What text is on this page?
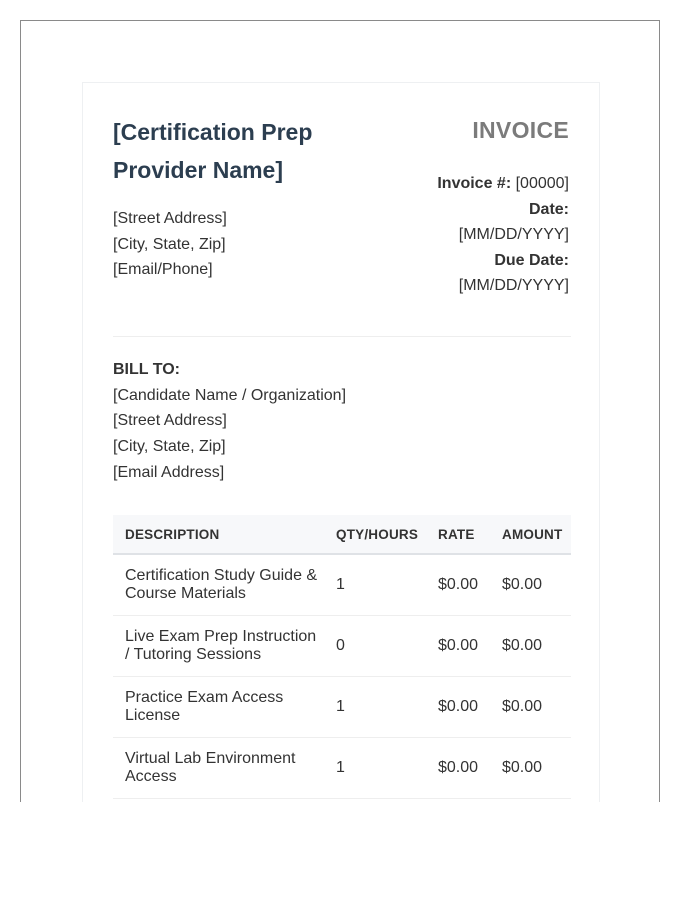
[Certification Prep Provider Name]
[Street Address]
[City, State, Zip]
[Email/Phone]
INVOICE
Invoice #: [00000]
Date:
[MM/DD/YYYY]
Due Date:
[MM/DD/YYYY]
BILL TO:
[Candidate Name / Organization]
[Street Address]
[City, State, Zip]
[Email Address]
DESCRIPTION	QTY/HOURS	RATE	AMOUNT
Certification Study Guide & Course Materials	1	$0.00	$0.00
Live Exam Prep Instruction / Tutoring Sessions	0	$0.00	$0.00
Practice Exam Access License	1	$0.00	$0.00
Virtual Lab Environment Access	1	$0.00	$0.00
